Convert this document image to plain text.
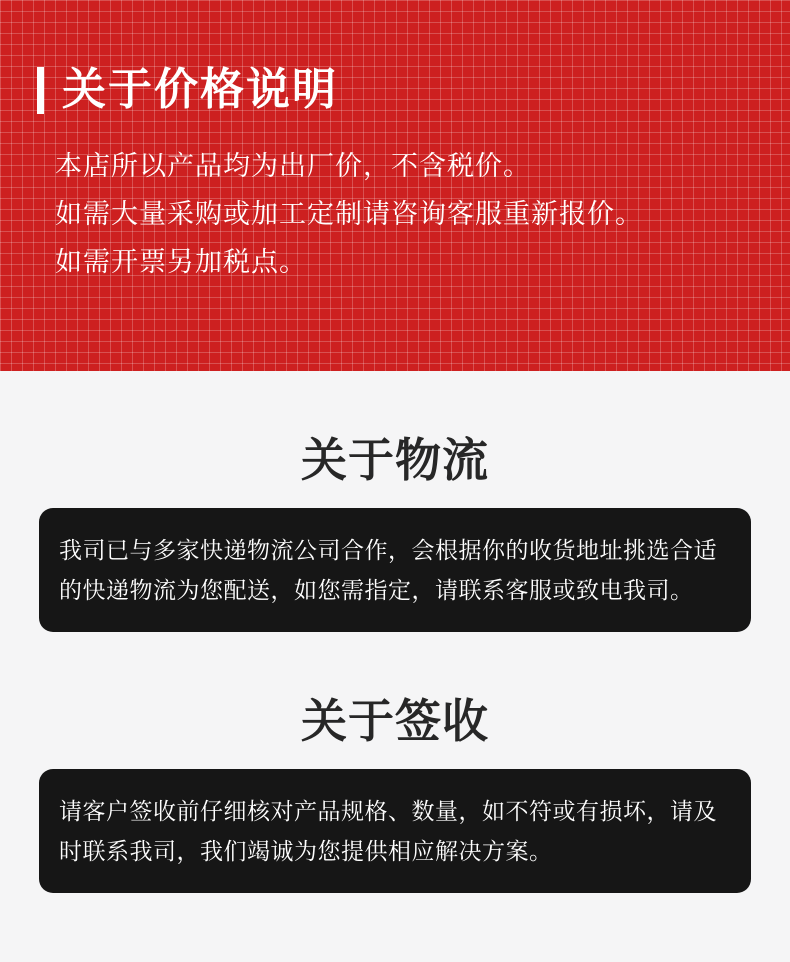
关于价格说明

本店所以产品均为出厂价，不含税价。

如需大量采购或加工定制请咨询客服重新报价。

如需开票另加税点。

关于物流

我司已与多家快递物流公司合作，会根据你的收货地址挑选合适的快递物流为您配送，如您需指定，请联系客服或致电我司。

关于签收

请客户签收前仔细核对产品规格、数量，如不符或有损坏，请及时联系我司，我们竭诚为您提供相应解决方案。
